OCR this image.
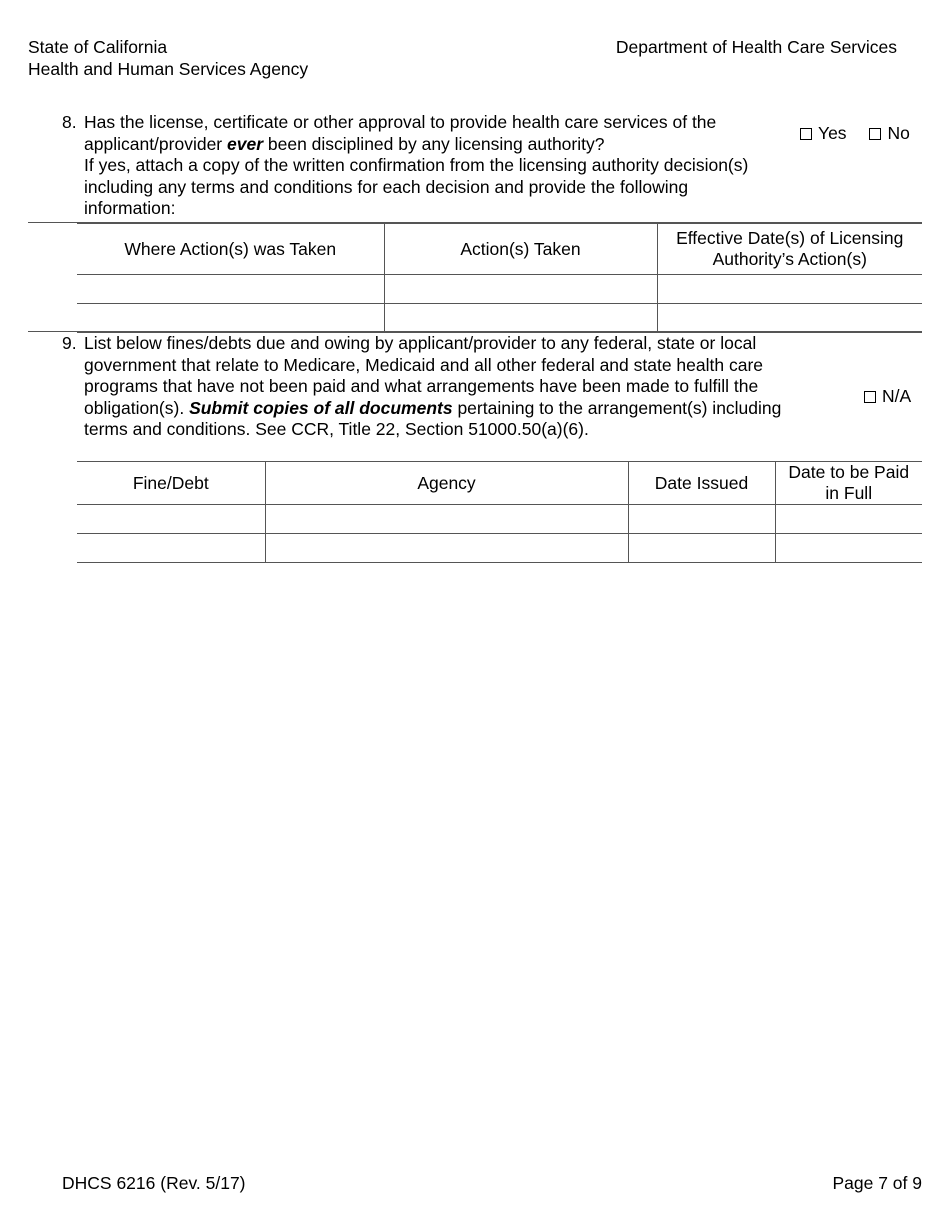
State of California
Health and Human Services Agency
Department of Health Care Services
8. Has the license, certificate or other approval to provide health care services of the
applicant/provider ever been disciplined by any licensing authority?

If yes, attach a copy of the written confirmation from the licensing authority decision(s) including any terms and conditions for each decision and provide the following information:

Yes No
Where Action(s) was Taken	Action(s) Taken	Effective Date(s) of Licensing Authority’s Action(s)

9. List below fines/debts due and owing by applicant/provider to any federal, state or local government that relate to Medicare, Medicaid and all other federal and state health care programs that have not been paid and what arrangements have been made to fulfill the obligation(s). Submit copies of all documents pertaining to the arrangement(s) including terms and conditions. See CCR, Title 22, Section 51000.50(a)(6).

N/A
Fine/Debt	Agency	Date Issued	Date to be Paid in Full

DHCS 6216 (Rev. 5/17)	Page 7 of 9
